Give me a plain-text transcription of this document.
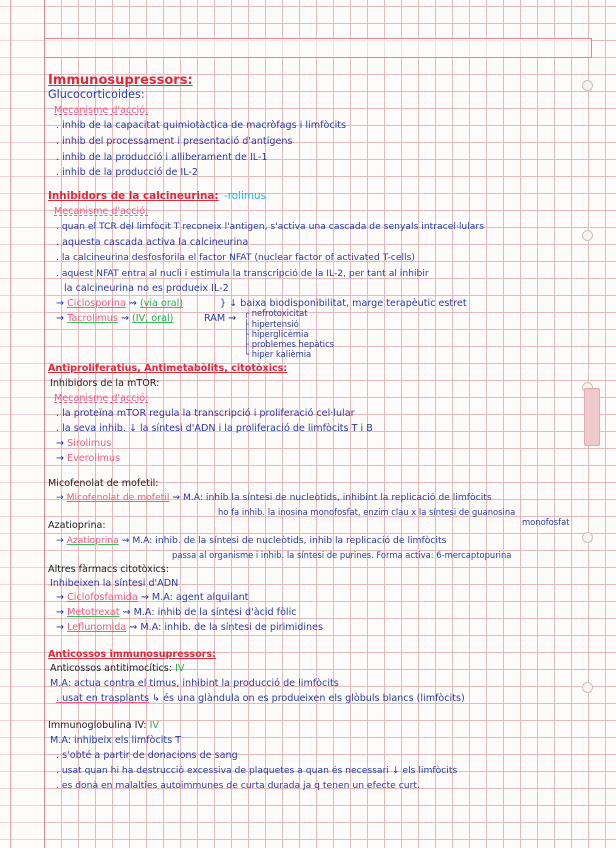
Immunosupressors:
Glucocorticoides:
Mecanisme d'acció:
. inhib de la capacitat quimiotàctica de macròfags i limfòcits
. inhib del processament i presentació d'antígens
. inhib de la producció i alliberament de IL-1
. inhib de la producció de IL-2
Inhibidors de la calcineurina: -rolimus
Mecanisme d'acció:
. quan el TCR del limfòcit T reconeix l'antigen, s'activa una cascada de senyals intracel·lulars
. aquesta cascada activa la calcineurina
. la calcineurina desfosforila el factor NFAT (nuclear factor of activated T-cells)
. aquest NFAT entra al nucli i estimula la transcripció de la IL-2, per tant al inhibir
la calcineurina no es produeix IL-2
→ Ciclosporina ⇝ (via oral)	} ↓ baixa biodisponibilitat, marge terapèutic estret
→ Tacrolimus ⇝ (IV, oral)	RAM ⇝ ┌ nefrotoxicitat
├ hipertensió
├ hiperglicèmia
├ problemes hepàtics
└ hiper kalièmia
Antiproliferatius, Antimetabòlits, citotòxics:
Inhibidors de la mTOR:
Mecanisme d'acció:
. la proteïna mTOR regula la transcripció i proliferació cel·lular
. la seva inhib. ↓ la síntesi d'ADN i la proliferació de limfòcits T i B
→ Sirolimus
→ Everolimus
Micofenolat de mofetil:
→ Micofenolat de mofetil ⇝ M.A: inhib la síntesi de nucleòtids, inhibint la replicació de limfòcits
ho fa inhib. la inosina monofosfat, enzim clau x la síntesi de guanosina
monofosfat
Azatioprina:
→ Azatioprina ⇝ M.A: inhib. de la síntesi de nucleòtids, inhib la replicació de limfòcits
passa al organisme i inhib. la síntesi de purines. Forma activa: 6-mercaptopurina
Altres fàrmacs citotòxics:
Inhibeixen la síntesi d'ADN
→ Ciclofosfamida ⇝ M.A: agent alquilant
→ Metotrexat ⇝ M.A: inhib de la síntesi d'àcid fòlic
→ Leflunomida ⇝ M.A: inhib. de la síntesi de pirimidines
Anticossos immunosupressors:
Anticossos antitimocítics: IV
M.A: actua contra el timus, inhibint la producció de limfòcits
. usat en trasplants ↳ és una glàndula on es produeixen els glòbuls blancs (limfòcits)
Immunoglobulina IV: IV
M.A: inhibeix els limfòcits T
. s'obté a partir de donacions de sang
. usat quan hi ha destrucció excessiva de plaquetes a quan és necessari ↓ els limfòcits
. es donà en malalties autoimmunes de curta durada ja q tenen un efecte curt.
